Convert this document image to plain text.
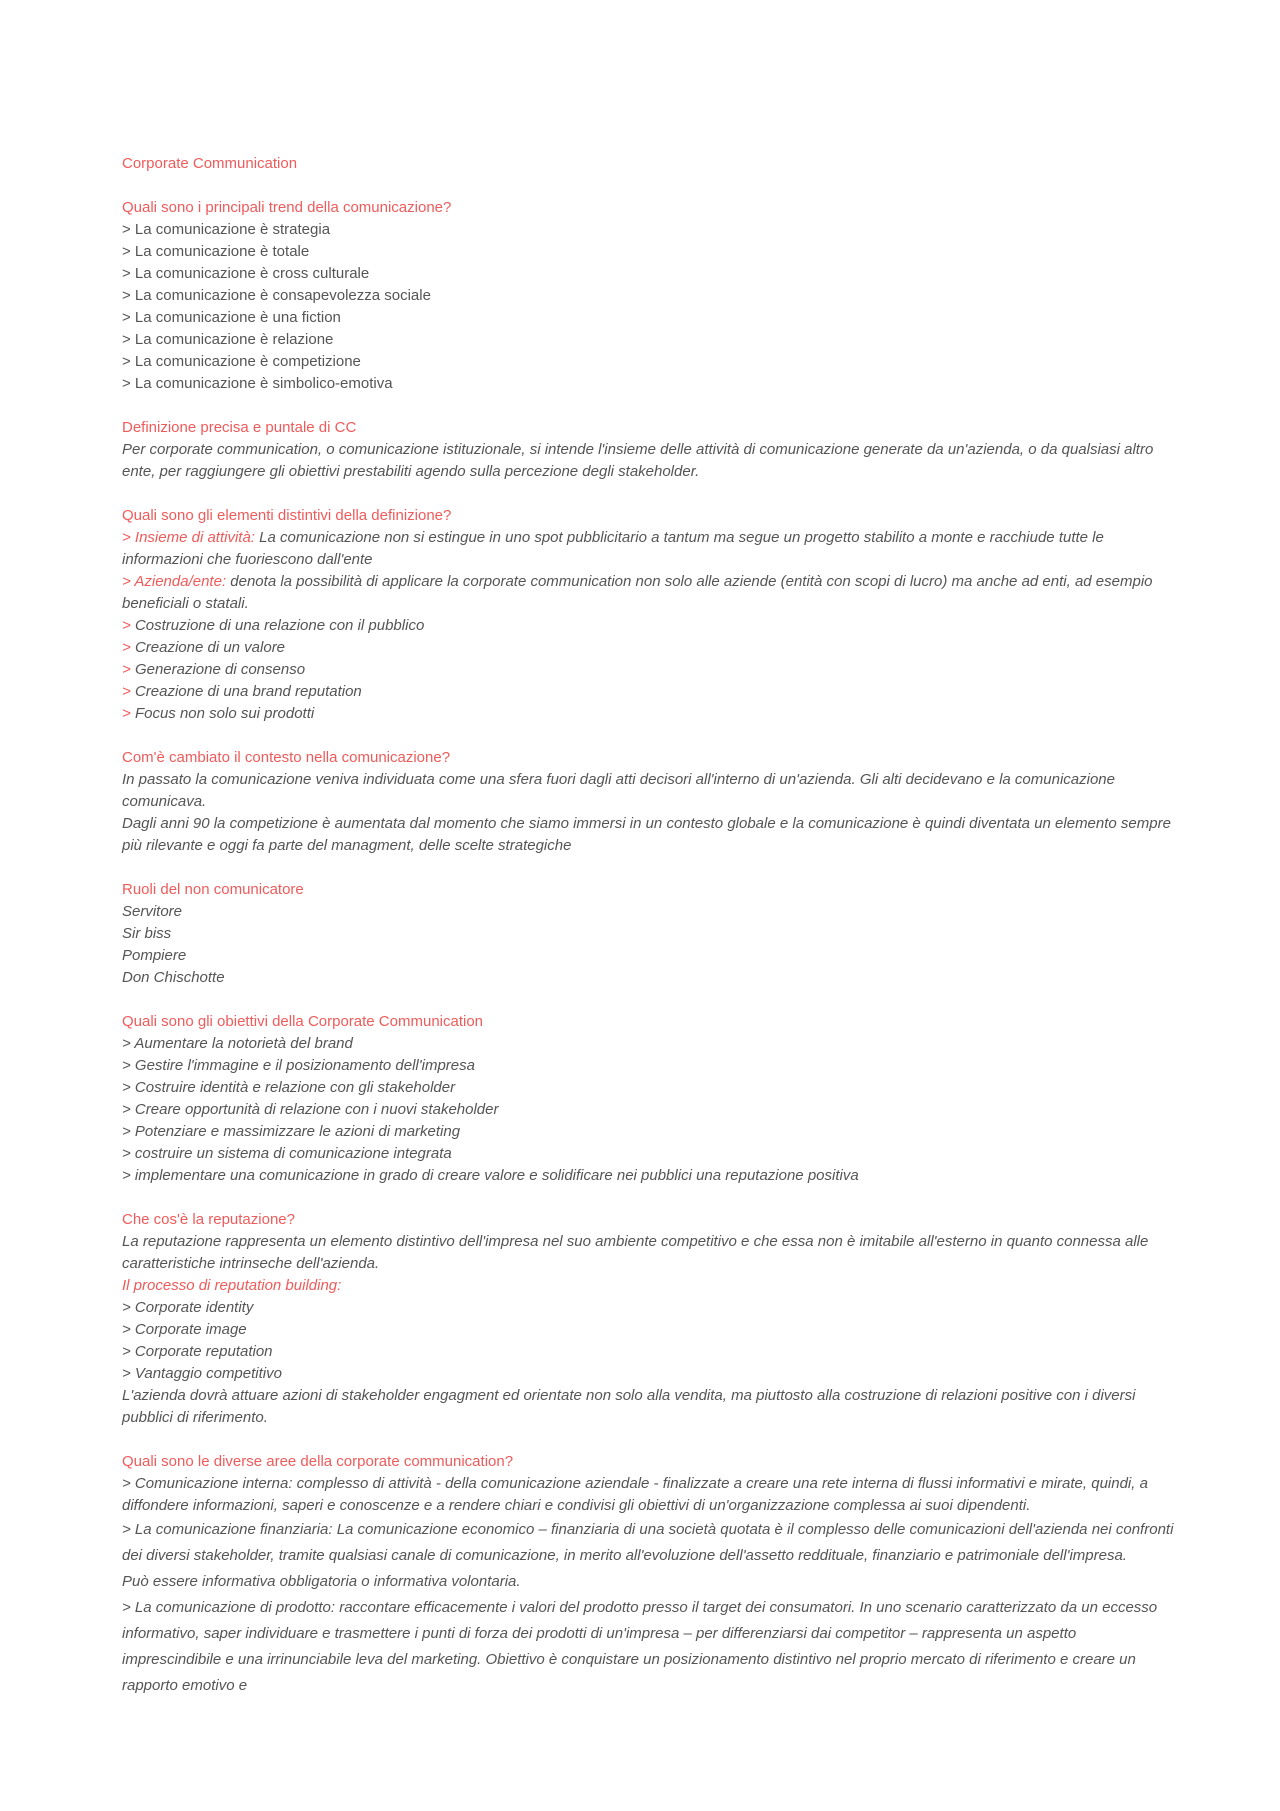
Corporate Communication

Quali sono i principali trend della comunicazione?

> La comunicazione è strategia

> La comunicazione è totale

> La comunicazione è cross culturale

> La comunicazione è consapevolezza sociale

> La comunicazione è una fiction

> La comunicazione è relazione

> La comunicazione è competizione

> La comunicazione è simbolico-emotiva

Definizione precisa e puntale di CC

Per corporate communication, o comunicazione istituzionale, si intende l'insieme delle attività di comunicazione generate da un'azienda, o da qualsiasi altro ente, per raggiungere gli obiettivi prestabiliti agendo sulla percezione degli stakeholder.

Quali sono gli elementi distintivi della definizione?

> Insieme di attività: La comunicazione non si estingue in uno spot pubblicitario a tantum ma segue un progetto stabilito a monte e racchiude tutte le informazioni che fuoriescono dall'ente

> Azienda/ente: denota la possibilità di applicare la corporate communication non solo alle aziende (entità con scopi di lucro) ma anche ad enti, ad esempio beneficiali o statali.

> Costruzione di una relazione con il pubblico

> Creazione di un valore

> Generazione di consenso

> Creazione di una brand reputation

> Focus non solo sui prodotti

Com'è cambiato il contesto nella comunicazione?

In passato la comunicazione veniva individuata come una sfera fuori dagli atti decisori all'interno di un'azienda. Gli alti decidevano e la comunicazione comunicava.

Dagli anni 90 la competizione è aumentata dal momento che siamo immersi in un contesto globale e la comunicazione è quindi diventata un elemento sempre più rilevante e oggi fa parte del managment, delle scelte strategiche

Ruoli del non comunicatore

Servitore

Sir biss

Pompiere

Don Chischotte

Quali sono gli obiettivi della Corporate Communication

> Aumentare la notorietà del brand

> Gestire l'immagine e il posizionamento dell'impresa

> Costruire identità e relazione con gli stakeholder

> Creare opportunità di relazione con i nuovi stakeholder

> Potenziare e massimizzare le azioni di marketing

> costruire un sistema di comunicazione integrata

> implementare una comunicazione in grado di creare valore e solidificare nei pubblici una reputazione positiva

Che cos'è la reputazione?

La reputazione rappresenta un elemento distintivo dell'impresa nel suo ambiente competitivo e che essa non è imitabile all'esterno in quanto connessa alle caratteristiche intrinseche dell'azienda.

Il processo di reputation building:

> Corporate identity

> Corporate image

> Corporate reputation

> Vantaggio competitivo

L'azienda dovrà attuare azioni di stakeholder engagment ed orientate non solo alla vendita, ma piuttosto alla costruzione di relazioni positive con i diversi pubblici di riferimento.

Quali sono le diverse aree della corporate communication?

> Comunicazione interna: complesso di attività - della comunicazione aziendale - finalizzate a creare una rete interna di flussi informativi e mirate, quindi, a diffondere informazioni, saperi e conoscenze e a rendere chiari e condivisi gli obiettivi di un'organizzazione complessa ai suoi dipendenti.

> La comunicazione finanziaria: La comunicazione economico – finanziaria di una società quotata è il complesso delle comunicazioni dell'azienda nei confronti dei diversi stakeholder, tramite qualsiasi canale di comunicazione, in merito all'evoluzione dell'assetto reddituale, finanziario e patrimoniale dell'impresa.

Può essere informativa obbligatoria o informativa volontaria.

> La comunicazione di prodotto: raccontare efficacemente i valori del prodotto presso il target dei consumatori. In uno scenario caratterizzato da un eccesso informativo, saper individuare e trasmettere i punti di forza dei prodotti di un'impresa – per differenziarsi dai competitor – rappresenta un aspetto imprescindibile e una irrinunciabile leva del marketing. Obiettivo è conquistare un posizionamento distintivo nel proprio mercato di riferimento e creare un rapporto emotivo e
